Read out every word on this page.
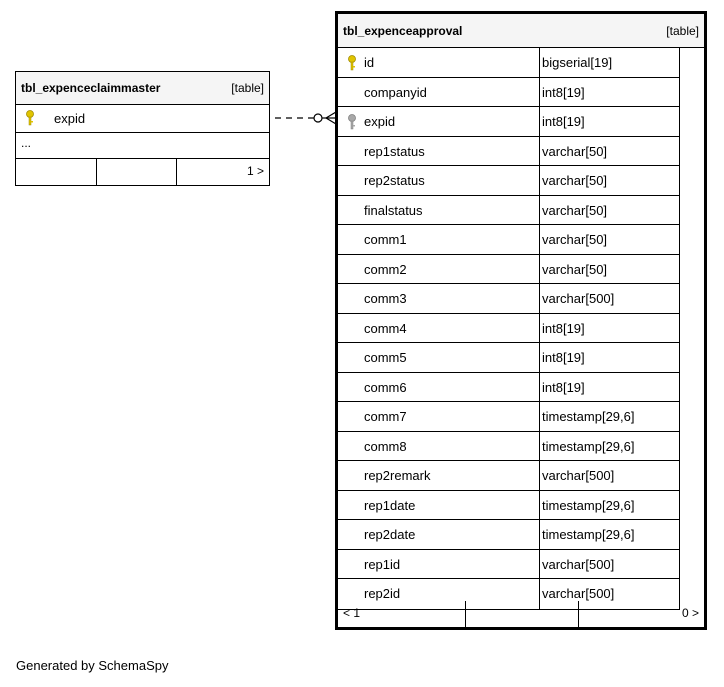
tbl_expenceclaimmaster	[table]
expid
...
1 >
tbl_expenceapproval	[table]
id	bigserial[19]
companyid	int8[19]
expid	int8[19]
rep1status	varchar[50]
rep2status	varchar[50]
finalstatus	varchar[50]
comm1	varchar[50]
comm2	varchar[50]
comm3	varchar[500]
comm4	int8[19]
comm5	int8[19]
comm6	int8[19]
comm7	timestamp[29,6]
comm8	timestamp[29,6]
rep2remark	varchar[500]
rep1date	timestamp[29,6]
rep2date	timestamp[29,6]
rep1id	varchar[500]
rep2id	varchar[500]
< 1	0 >
Generated by SchemaSpy
